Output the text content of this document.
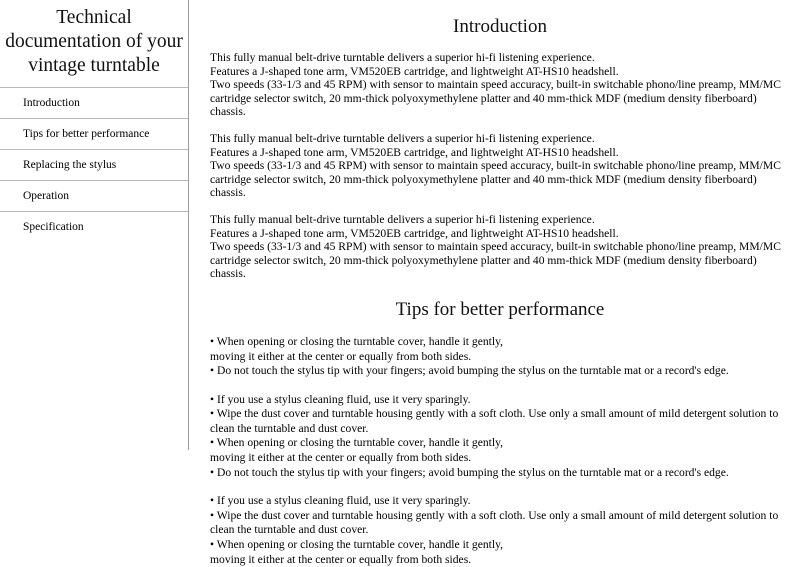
Technical documentation of your vintage turntable
Introduction
Tips for better performance
Replacing the stylus
Operation
Specification
Introduction

This fully manual belt-drive turntable delivers a superior hi-fi listening experience.

Features a J-shaped tone arm, VM520EB cartridge, and lightweight AT-HS10 headshell.

Two speeds (33-1/3 and 45 RPM) with sensor to maintain speed accuracy, built-in switchable phono/line preamp, MM/MC cartridge selector switch, 20 mm-thick polyoxymethylene platter and 40 mm-thick MDF (medium density fiberboard) chassis.

This fully manual belt-drive turntable delivers a superior hi-fi listening experience.

Features a J-shaped tone arm, VM520EB cartridge, and lightweight AT-HS10 headshell.

Two speeds (33-1/3 and 45 RPM) with sensor to maintain speed accuracy, built-in switchable phono/line preamp, MM/MC cartridge selector switch, 20 mm-thick polyoxymethylene platter and 40 mm-thick MDF (medium density fiberboard) chassis.

This fully manual belt-drive turntable delivers a superior hi-fi listening experience.

Features a J-shaped tone arm, VM520EB cartridge, and lightweight AT-HS10 headshell.

Two speeds (33-1/3 and 45 RPM) with sensor to maintain speed accuracy, built-in switchable phono/line preamp, MM/MC cartridge selector switch, 20 mm-thick polyoxymethylene platter and 40 mm-thick MDF (medium density fiberboard) chassis.

Tips for better performance

• When opening or closing the turntable cover, handle it gently,

moving it either at the center or equally from both sides.

• Do not touch the stylus tip with your fingers; avoid bumping the stylus on the turntable mat or a record's edge.

• If you use a stylus cleaning fluid, use it very sparingly.

• Wipe the dust cover and turntable housing gently with a soft cloth. Use only a small amount of mild detergent solution to clean the turntable and dust cover.

• When opening or closing the turntable cover, handle it gently,

moving it either at the center or equally from both sides.

• Do not touch the stylus tip with your fingers; avoid bumping the stylus on the turntable mat or a record's edge.

• If you use a stylus cleaning fluid, use it very sparingly.

• Wipe the dust cover and turntable housing gently with a soft cloth. Use only a small amount of mild detergent solution to clean the turntable and dust cover.

• When opening or closing the turntable cover, handle it gently,

moving it either at the center or equally from both sides.
